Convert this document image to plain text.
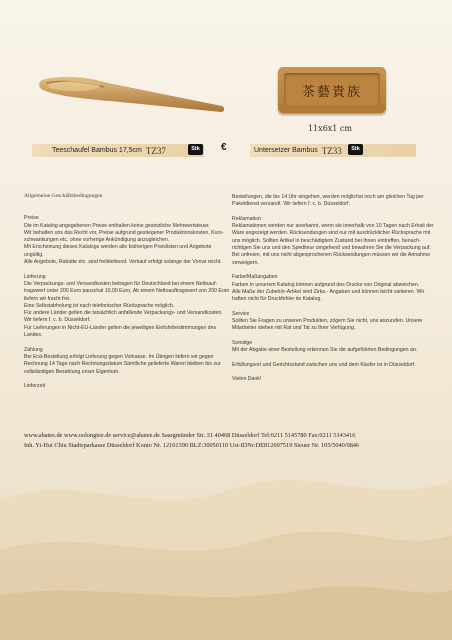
茶藝貴族
11x6x1 cm
Teeschaufel Bambus 17,5cm TZ37	Stk	€	Untersetzer Bambus TZ33	Stk
Allgemeine Geschäftsbedingungen

Preise
Die im Katalog angegebenen Preise enthalten keine gesetzliche Mehrwertsteuer.
Wir behalten uns das Recht vor, Preise aufgrund gestiegener Produktionskosten, Kurs-
schwankungen etc. ohne vorherige Ankündigung anzugleichen.
Mit Erscheinung dieses Katalogs werden alle bisherigen Preislisten und Angebote
ungültig.
Alle Angebote, Rabatte etc. sind freibleibend. Verkauf erfolgt solange der Vorrat reicht.

Lieferung
Die Verpackungs- und Versandkosten betragen für Deutschland bei einem Nettoauf-
tragswert unter 200 Euro pauschal 10,00 Euro. Ab einem Nettoauftragswert von 200 Euro
liefern wir fracht frei.
Eine Selbstabholung ist nach telefonischer Rücksprache möglich.
Für andere Länder gelten die tatsächlich anfallende Verpackungs- und Versandkosten.
Wir liefern f. c. b. Düsseldorf.
Für Lieferungen in Nicht-EU-Länder gelten die jeweiligen Einfuhrbestimmungen des
Landes.

Zahlung
Bei Erst-Bestellung erfolgt Lieferung gegen Vorkasse. Im Übrigen liefern wir gegen
Rechnung 14 Tage nach Rechnungsdatum.Sämtliche gelieferte Waren bleiben bis zur
vollständigen Bezahlung unser Eigentum.

Lieferzeit

Bestellungen, die bis 14 Uhr eingehen, werden möglichst noch am gleichen Tag per
Paketdienst versandt. Wir liefern f. c. b. Düsseldorf.

Reklamation
Reklamationen werden nur anerkannt, wenn sie innerhalb von 10 Tagen nach Erhalt der
Ware angezeigt werden. Rücksendungen sind nur mit ausdrücklicher Rücksprache mit
uns möglich. Sollten Artikel in beschädigtem Zustand bei Ihnen eintreffen, benach-
richtigen Sie uns und den Spediteur umgehend und bewahren Sie die Verpackung auf.
Bei unfreien, mit uns nicht abgesprochenen Rücksendungen müssen wir die Annahme
verweigern.

Farbe/Maßangaben
Farben in unserem Katalog können aufgrund des Drucks von Original abweichen.
Alle Maße der Zubehör-Artikel sind Zirka - Angaben und können leicht variieren. Wir
haften nicht für Druckfehler im Katalog.

Service
Sollten Sie Fragen zu unseren Produkten, zögern Sie nicht, uns anzurufen. Unsere
Mitarbeiter stehen mit Rat und Tat zu Ihrer Verfügung.

Sonstige
Mit der Abgabe einer Bestellung erkennen Sie die aufgeführten Bedingungen an.

Erfüllungsort und Gerichtsstand zwischen uns und dem Käufer ist in Düsseldorf.

Vielen Dank!

www.ahatee.de www.oolongtee.de service@ahatee.de Saargmünder Str. 31 40468 Düsseldorf Tel:0211 5145780 Fax:0211 5143416
Inh. Yi-Hui Chiu Stadtsparkasse Düsseldorf Konto Nr. 12101390 BLZ:30050110 Ust-IDNr:DE812607519 Steuer Nr. 105/5040/0846
